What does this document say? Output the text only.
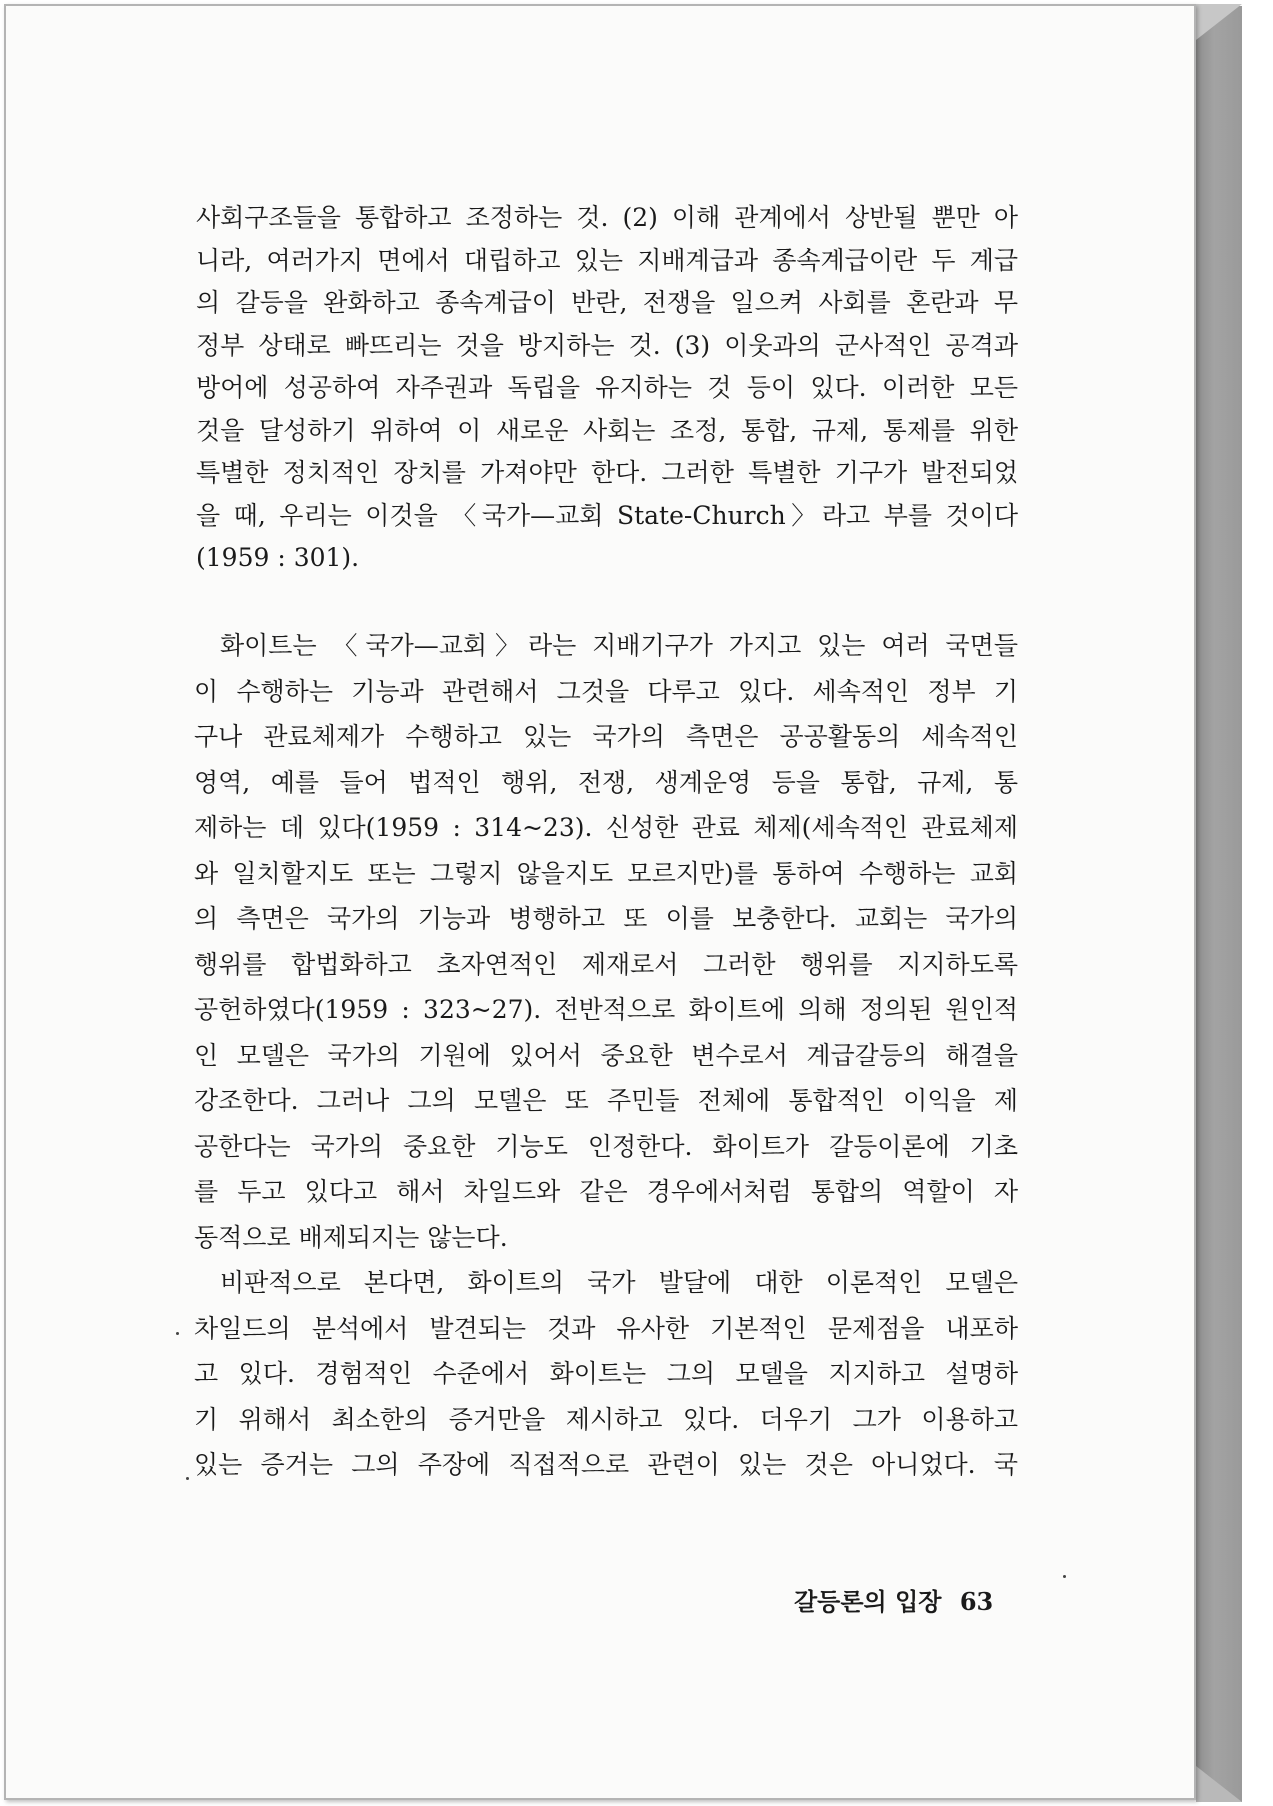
사회구조들을 통합하고 조정하는 것. (2) 이해 관계에서 상반될 뿐만 아
니라, 여러가지 면에서 대립하고 있는 지배계급과 종속계급이란 두 계급
의 갈등을 완화하고 종속계급이 반란, 전쟁을 일으켜 사회를 혼란과 무
정부 상태로 빠뜨리는 것을 방지하는 것. (3) 이웃과의 군사적인 공격과
방어에 성공하여 자주권과 독립을 유지하는 것 등이 있다. 이러한 모든
것을 달성하기 위하여 이 새로운 사회는 조정, 통합, 규제, 통제를 위한
특별한 정치적인 장치를 가져야만 한다. 그러한 특별한 기구가 발전되었
을 때, 우리는 이것을 〈국가—교회 State-Church〉라고 부를 것이다
(1959 : 301).
화이트는 〈국가—교회〉라는 지배기구가 가지고 있는 여러 국면들
이 수행하는 기능과 관련해서 그것을 다루고 있다. 세속적인 정부 기
구나 관료체제가 수행하고 있는 국가의 측면은 공공활동의 세속적인
영역, 예를 들어 법적인 행위, 전쟁, 생계운영 등을 통합, 규제, 통
제하는 데 있다(1959 : 314~23). 신성한 관료 체제(세속적인 관료체제
와 일치할지도 또는 그렇지 않을지도 모르지만)를 통하여 수행하는 교회
의 측면은 국가의 기능과 병행하고 또 이를 보충한다. 교회는 국가의
행위를 합법화하고 초자연적인 제재로서 그러한 행위를 지지하도록
공헌하였다(1959 : 323~27). 전반적으로 화이트에 의해 정의된 원인적
인 모델은 국가의 기원에 있어서 중요한 변수로서 계급갈등의 해결을
강조한다. 그러나 그의 모델은 또 주민들 전체에 통합적인 이익을 제
공한다는 국가의 중요한 기능도 인정한다. 화이트가 갈등이론에 기초
를 두고 있다고 해서 차일드와 같은 경우에서처럼 통합의 역할이 자
동적으로 배제되지는 않는다.
비판적으로 본다면, 화이트의 국가 발달에 대한 이론적인 모델은
차일드의 분석에서 발견되는 것과 유사한 기본적인 문제점을 내포하
고 있다. 경험적인 수준에서 화이트는 그의 모델을 지지하고 설명하
기 위해서 최소한의 증거만을 제시하고 있다. 더우기 그가 이용하고
있는 증거는 그의 주장에 직접적으로 관련이 있는 것은 아니었다. 국
갈등론의 입장 63
